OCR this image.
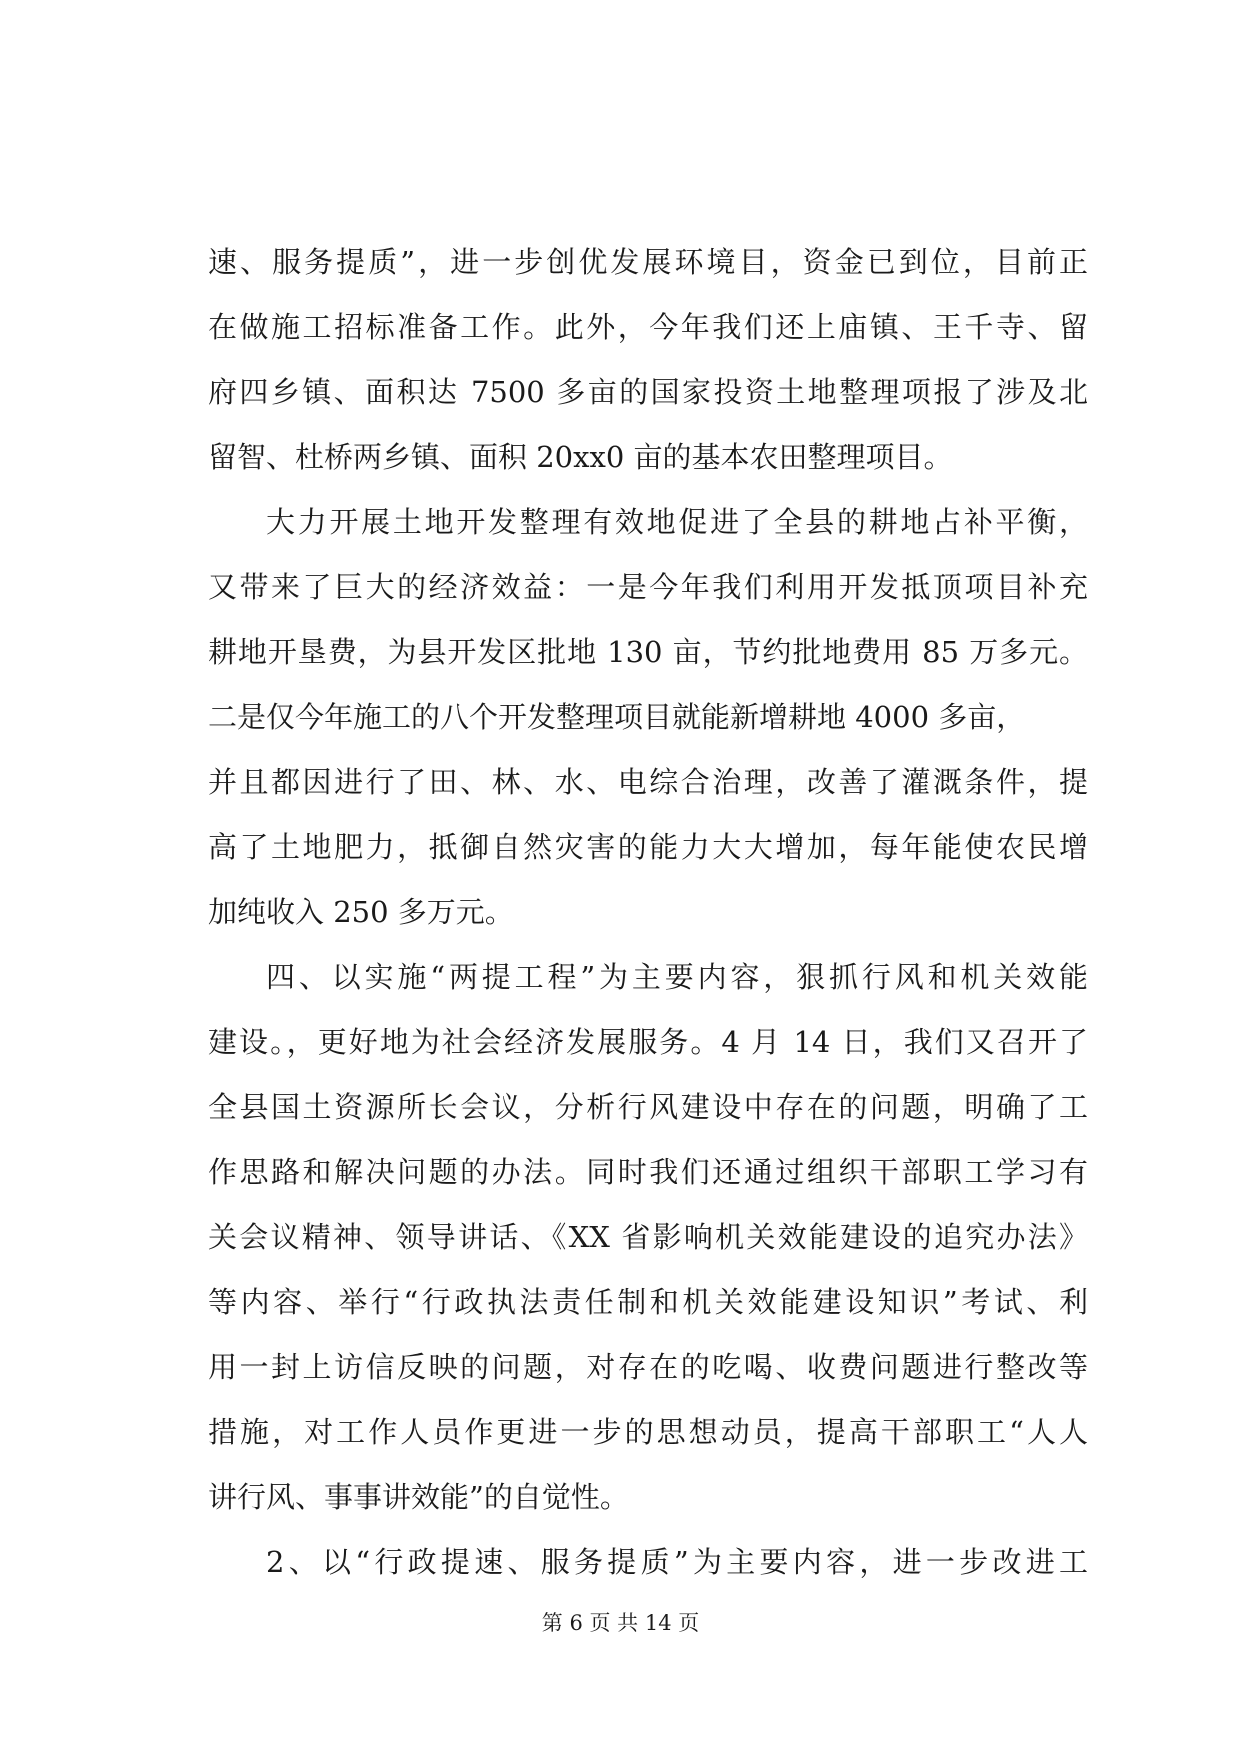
速、服务提质”，进一步创优发展环境目，资金已到位，目前正
在做施工招标准备工作。此外，今年我们还上庙镇、王千寺、留
府四乡镇、面积达 7500 多亩的国家投资土地整理项报了涉及北
留智、杜桥两乡镇、面积 20xx0 亩的基本农田整理项目。
大力开展土地开发整理有效地促进了全县的耕地占补平衡，
又带来了巨大的经济效益：一是今年我们利用开发抵顶项目补充
耕地开垦费，为县开发区批地 130 亩，节约批地费用 85 万多元。
二是仅今年施工的八个开发整理项目就能新增耕地 4000 多亩，
并且都因进行了田、林、水、电综合治理，改善了灌溉条件，提
高了土地肥力，抵御自然灾害的能力大大增加，每年能使农民增
加纯收入 250 多万元。
四、以实施“两提工程”为主要内容，狠抓行风和机关效能
建设。，更好地为社会经济发展服务。4 月 14 日，我们又召开了
全县国土资源所长会议，分析行风建设中存在的问题，明确了工
作思路和解决问题的办法。同时我们还通过组织干部职工学习有
关会议精神、领导讲话、《XX 省影响机关效能建设的追究办法》
等内容、举行“行政执法责任制和机关效能建设知识”考试、利
用一封上访信反映的问题，对存在的吃喝、收费问题进行整改等
措施，对工作人员作更进一步的思想动员，提高干部职工“人人
讲行风、事事讲效能”的自觉性。
2、以“行政提速、服务提质”为主要内容，进一步改进工
第 6 页 共 14 页
